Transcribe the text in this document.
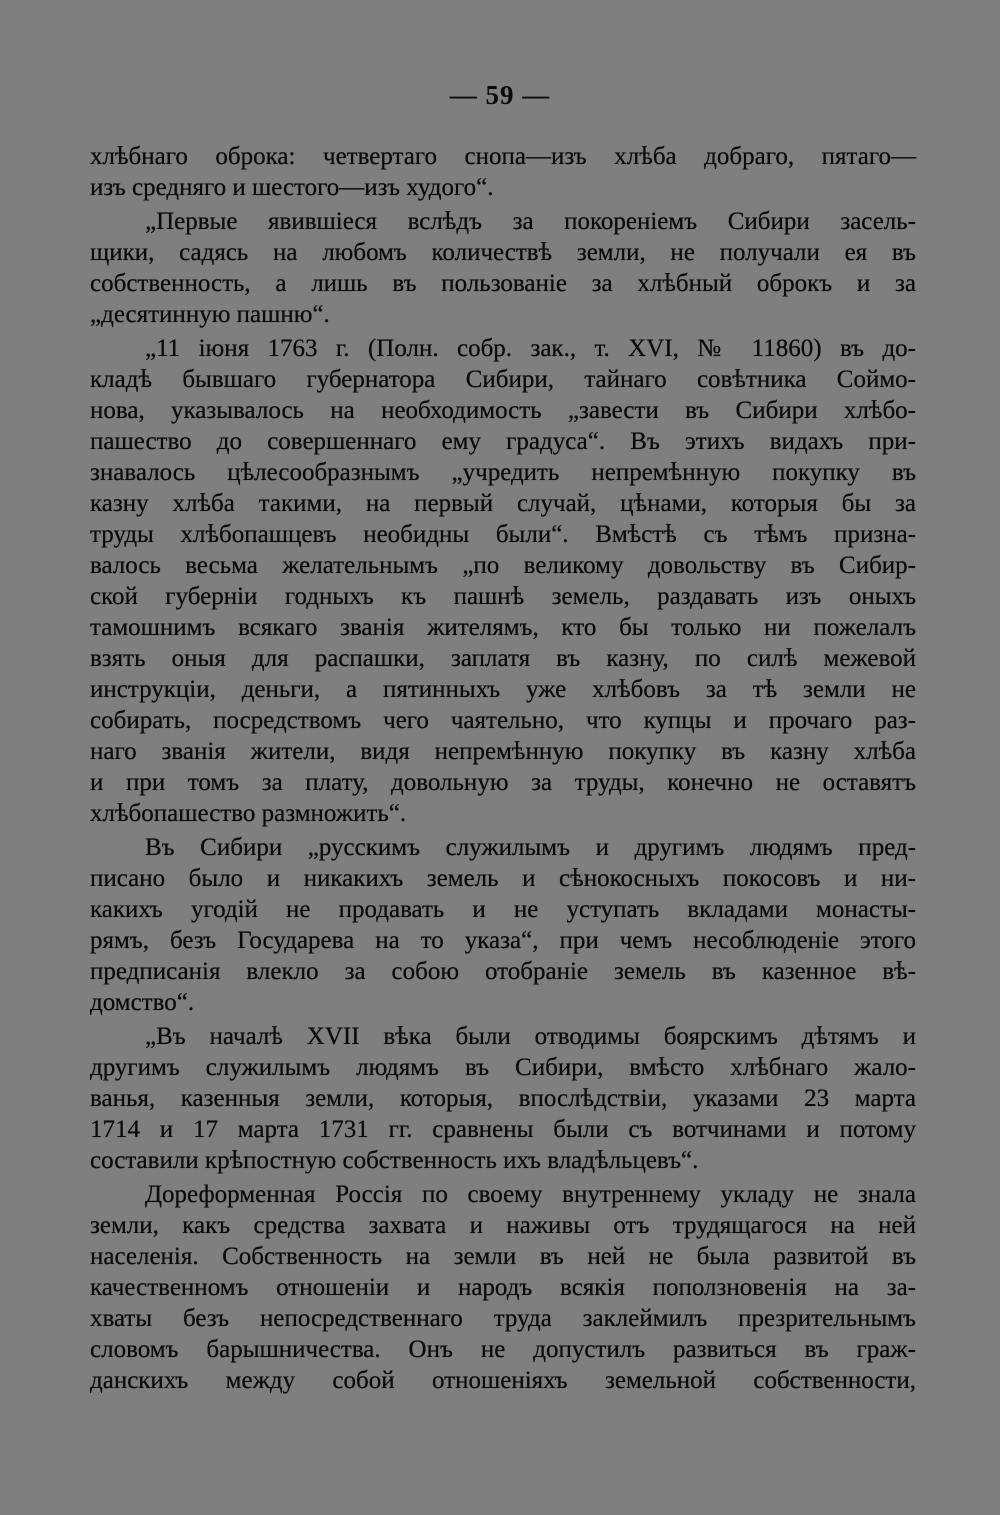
— 59 —
хлѣбнаго оброка: четвертаго снопа—изъ хлѣба добраго, пятаго—
изъ средняго и шестого—изъ худого“.
„Первые явившіеся вслѣдъ за покореніемъ Сибири засель-
щики, садясь на любомъ количествѣ земли, не получали ея въ
собственность, а лишь въ пользованіе за хлѣбный оброкъ и за
„десятинную пашню“.
„11 іюня 1763 г. (Полн. собр. зак., т. XVI, № 11860) въ до-
кладѣ бывшаго губернатора Сибири, тайнаго совѣтника Соймо-
нова, указывалось на необходимость „завести въ Сибири хлѣбо-
пашество до совершеннаго ему градуса“. Въ этихъ видахъ при-
знавалось цѣлесообразнымъ „учредить непремѣнную покупку въ
казну хлѣба такими, на первый случай, цѣнами, которыя бы за
труды хлѣбопашцевъ необидны были“. Вмѣстѣ съ тѣмъ призна-
валось весьма желательнымъ „по великому довольству въ Сибир-
ской губерніи годныхъ къ пашнѣ земель, раздавать изъ оныхъ
тамошнимъ всякаго званія жителямъ, кто бы только ни пожелалъ
взять оныя для распашки, заплатя въ казну, по силѣ межевой
инструкціи, деньги, а пятинныхъ уже хлѣбовъ за тѣ земли не
собирать, посредствомъ чего чаятельно, что купцы и прочаго раз-
наго званія жители, видя непремѣнную покупку въ казну хлѣба
и при томъ за плату, довольную за труды, конечно не оставятъ
хлѣбопашество размножить“.
Въ Сибири „русскимъ служилымъ и другимъ людямъ пред-
писано было и никакихъ земель и сѣнокосныхъ покосовъ и ни-
какихъ угодій не продавать и не уступать вкладами монасты-
рямъ, безъ Государева на то указа“, при чемъ несоблюденіе этого
предписанія влекло за собою отобраніе земель въ казенное вѣ-
домство“.
„Въ началѣ XVII вѣка были отводимы боярскимъ дѣтямъ и
другимъ служилымъ людямъ въ Сибири, вмѣсто хлѣбнаго жало-
ванья, казенныя земли, которыя, впослѣдствіи, указами 23 марта
1714 и 17 марта 1731 гг. сравнены были съ вотчинами и потому
составили крѣпостную собственность ихъ владѣльцевъ“.
Дореформенная Россія по своему внутреннему укладу не знала
земли, какъ средства захвата и наживы отъ трудящагося на ней
населенія. Собственность на земли въ ней не была развитой въ
качественномъ отношеніи и народъ всякія поползновенія на за-
хваты безъ непосредственнаго труда заклеймилъ презрительнымъ
словомъ барышничества. Онъ не допустилъ развиться въ граж-
данскихъ между собой отношеніяхъ земельной собственности,
